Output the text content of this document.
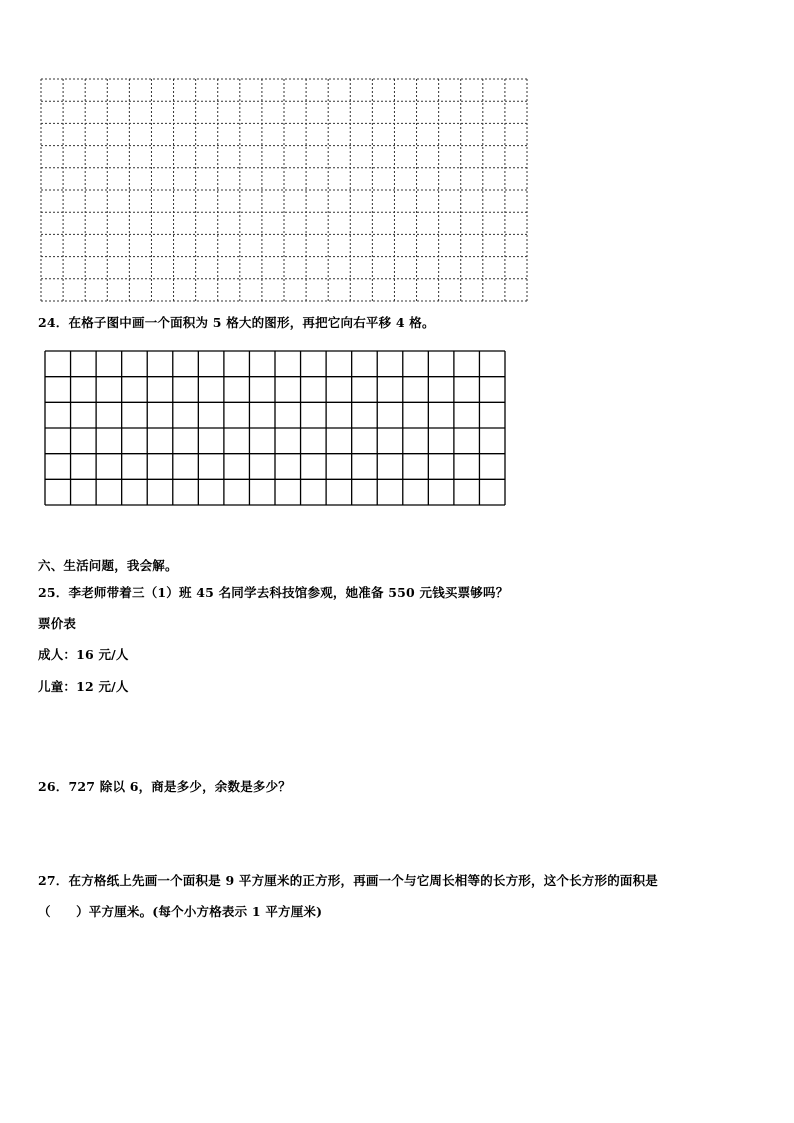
24．在格子图中画一个面积为 5 格大的图形，再把它向右平移 4 格。
六、生活问题，我会解。
25．李老师带着三（1）班 45 名同学去科技馆参观，她准备 550 元钱买票够吗？
票价表
成人：16 元/人
儿童：12 元/人
26．727 除以 6，商是多少，余数是多少？
27．在方格纸上先画一个面积是 9 平方厘米的正方形，再画一个与它周长相等的长方形，这个长方形的面积是
（　　）平方厘米。(每个小方格表示 1 平方厘米)
